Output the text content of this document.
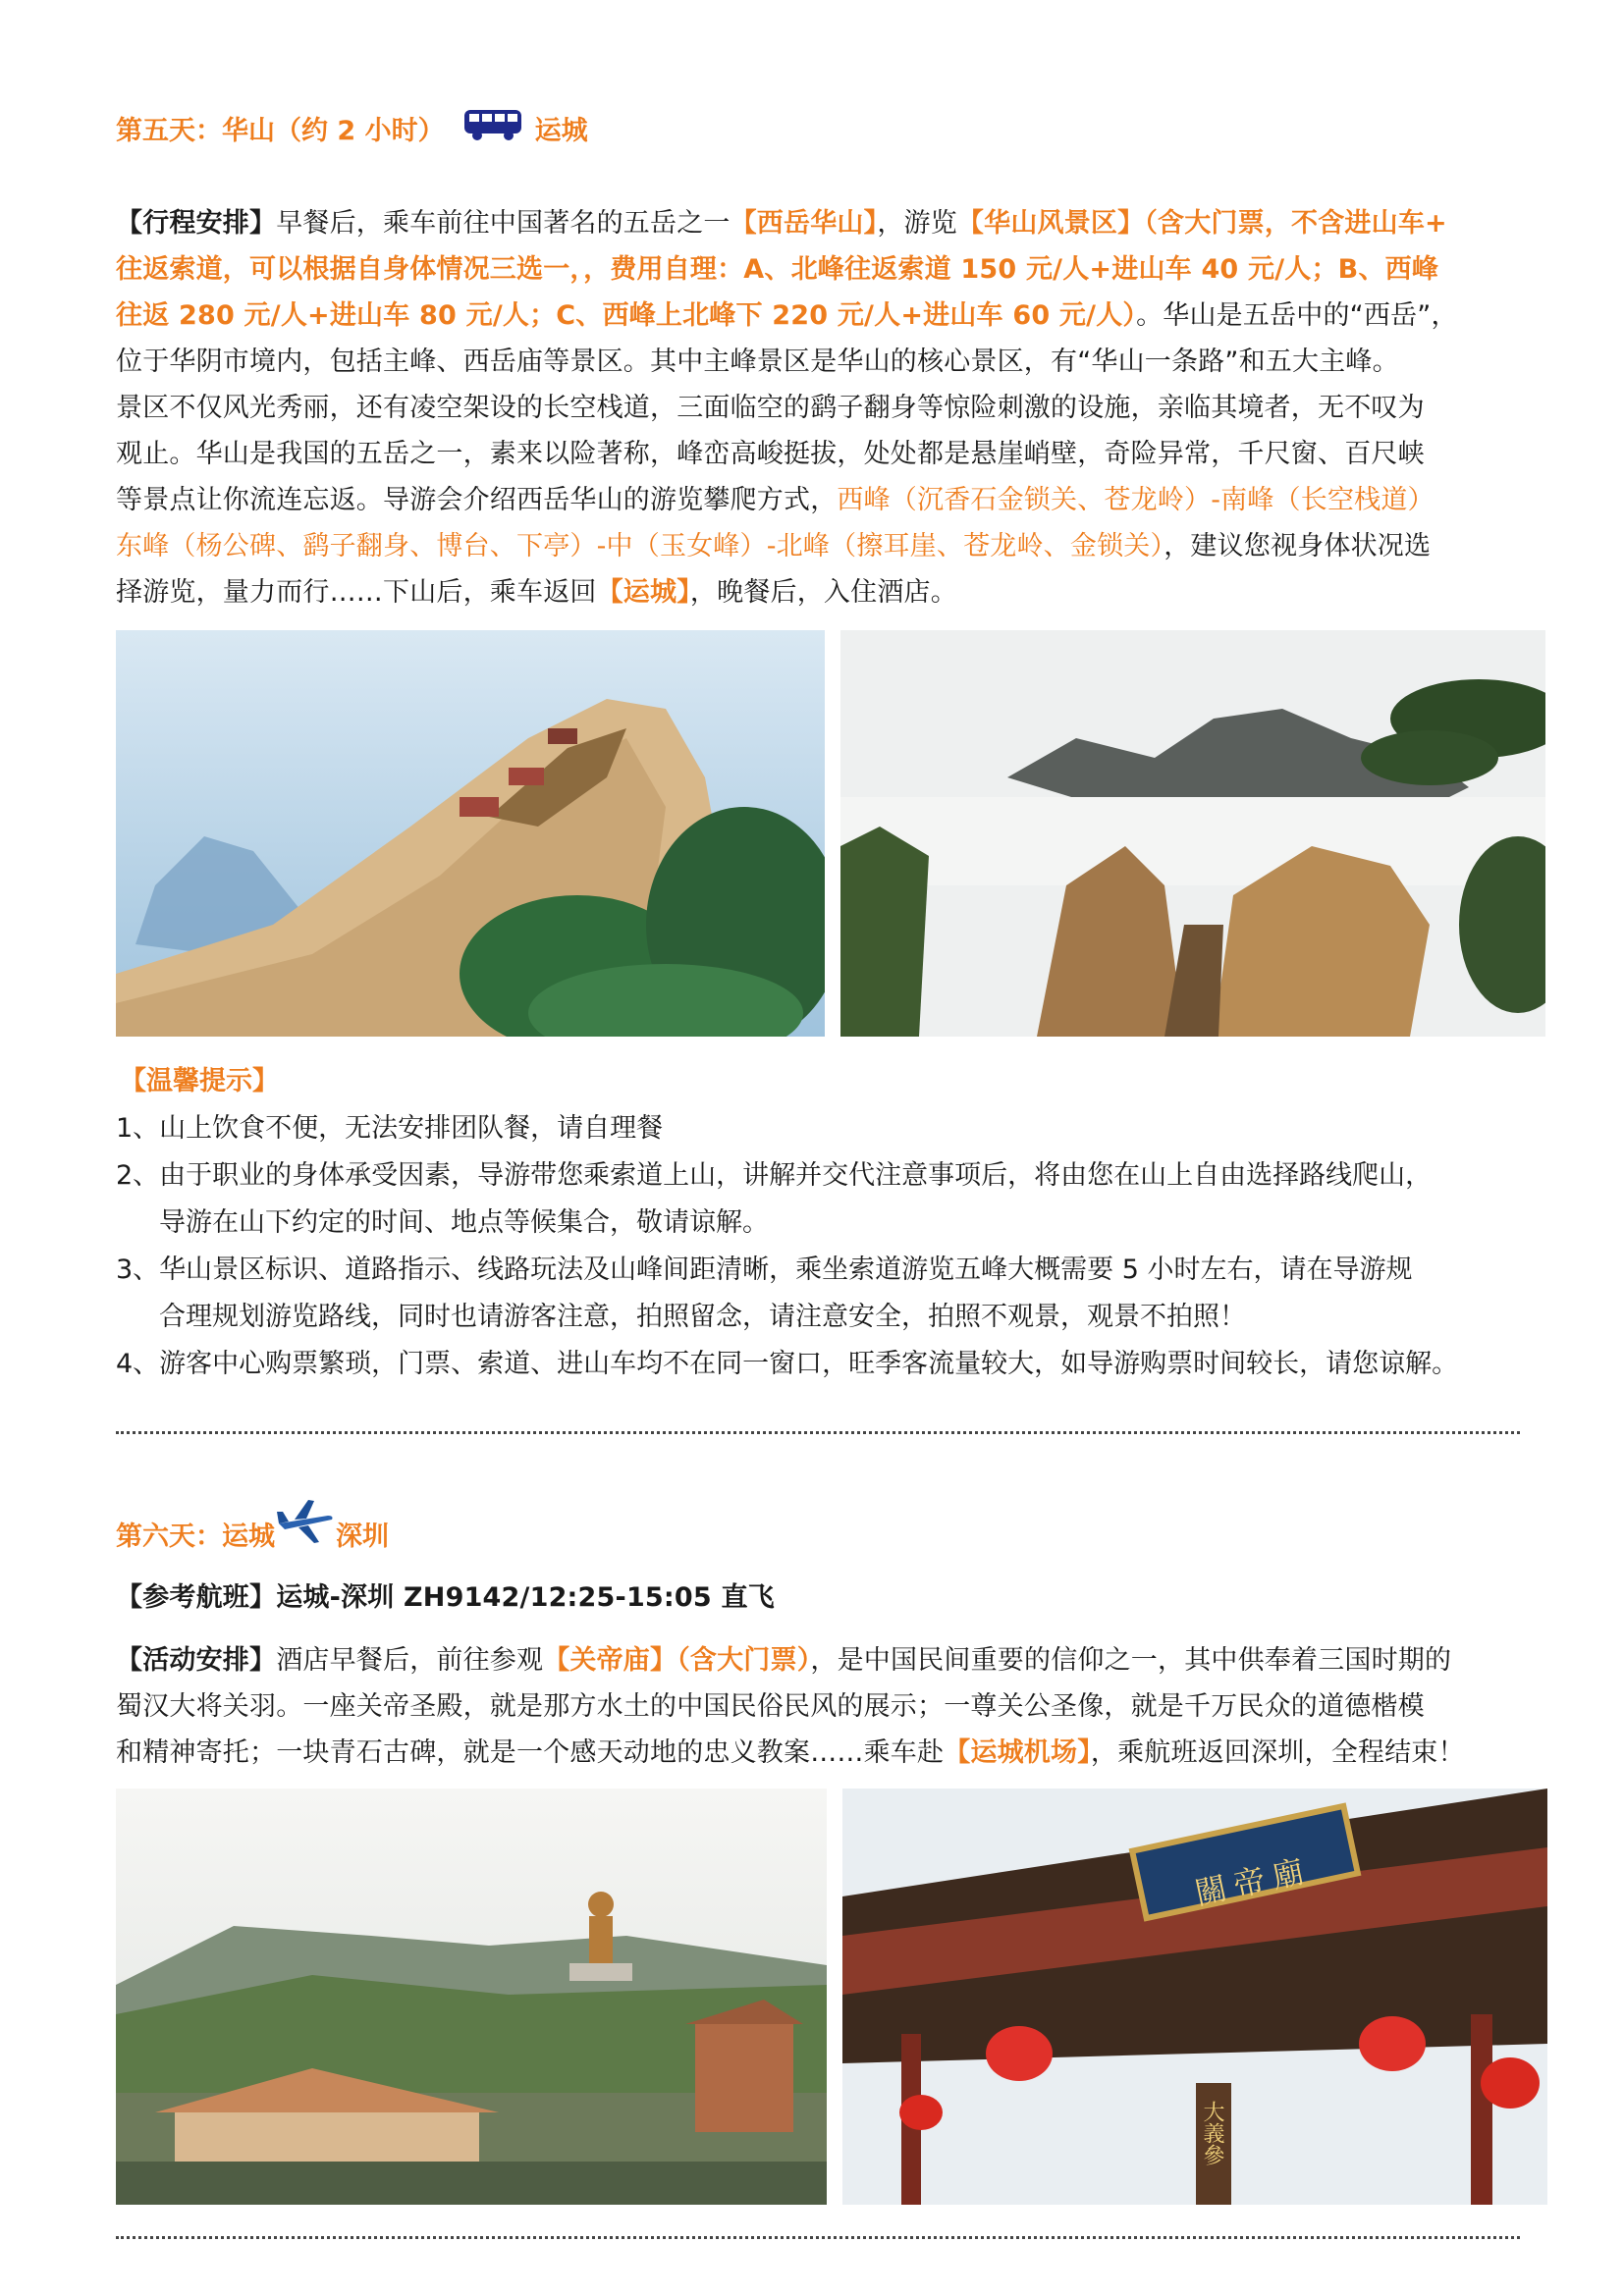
第五天：华山（约 2 小时）	运城
【行程安排】早餐后，乘车前往中国著名的五岳之一【西岳华山】，游览【华山风景区】（含大门票，不含进山车+
往返索道，可以根据自身体情况三选一，，费用自理：A、北峰往返索道 150 元/人+进山车 40 元/人；B、西峰
往返 280 元/人+进山车 80 元/人；C、西峰上北峰下 220 元/人+进山车 60 元/人）。华山是五岳中的“西岳”，
位于华阴市境内，包括主峰、西岳庙等景区。其中主峰景区是华山的核心景区，有“华山一条路”和五大主峰。
景区不仅风光秀丽，还有凌空架设的长空栈道，三面临空的鹞子翻身等惊险刺激的设施，亲临其境者，无不叹为
观止。华山是我国的五岳之一，素来以险著称，峰峦高峻挺拔，处处都是悬崖峭壁，奇险异常，千尺窗、百尺峡
等景点让你流连忘返。导游会介绍西岳华山的游览攀爬方式，西峰（沉香石金锁关、苍龙岭）-南峰（长空栈道）
东峰（杨公碑、鹞子翻身、博台、下亭）-中（玉女峰）-北峰（擦耳崖、苍龙岭、金锁关），建议您视身体状况选
择游览，量力而行……下山后，乘车返回【运城】，晚餐后，入住酒店。
【温馨提示】
1、山上饮食不便，无法安排团队餐，请自理餐
2、由于职业的身体承受因素，导游带您乘索道上山，讲解并交代注意事项后，将由您在山上自由选择路线爬山，
导游在山下约定的时间、地点等候集合，敬请谅解。
3、华山景区标识、道路指示、线路玩法及山峰间距清晰，乘坐索道游览五峰大概需要 5 小时左右，请在导游规
合理规划游览路线，同时也请游客注意，拍照留念，请注意安全，拍照不观景，观景不拍照！
4、游客中心购票繁琐，门票、索道、进山车均不在同一窗口，旺季客流量较大，如导游购票时间较长，请您谅解。
第六天：运城 深圳
【参考航班】运城-深圳 ZH9142/12:25-15:05 直飞
【活动安排】酒店早餐后，前往参观【关帝庙】（含大门票），是中国民间重要的信仰之一，其中供奉着三国时期的
蜀汉大将关羽。一座关帝圣殿，就是那方水土的中国民俗民风的展示；一尊关公圣像，就是千万民众的道德楷模
和精神寄托；一块青石古碑，就是一个感天动地的忠义教案……乘车赴【运城机场】，乘航班返回深圳，全程结束！
關帝廟
大義參
